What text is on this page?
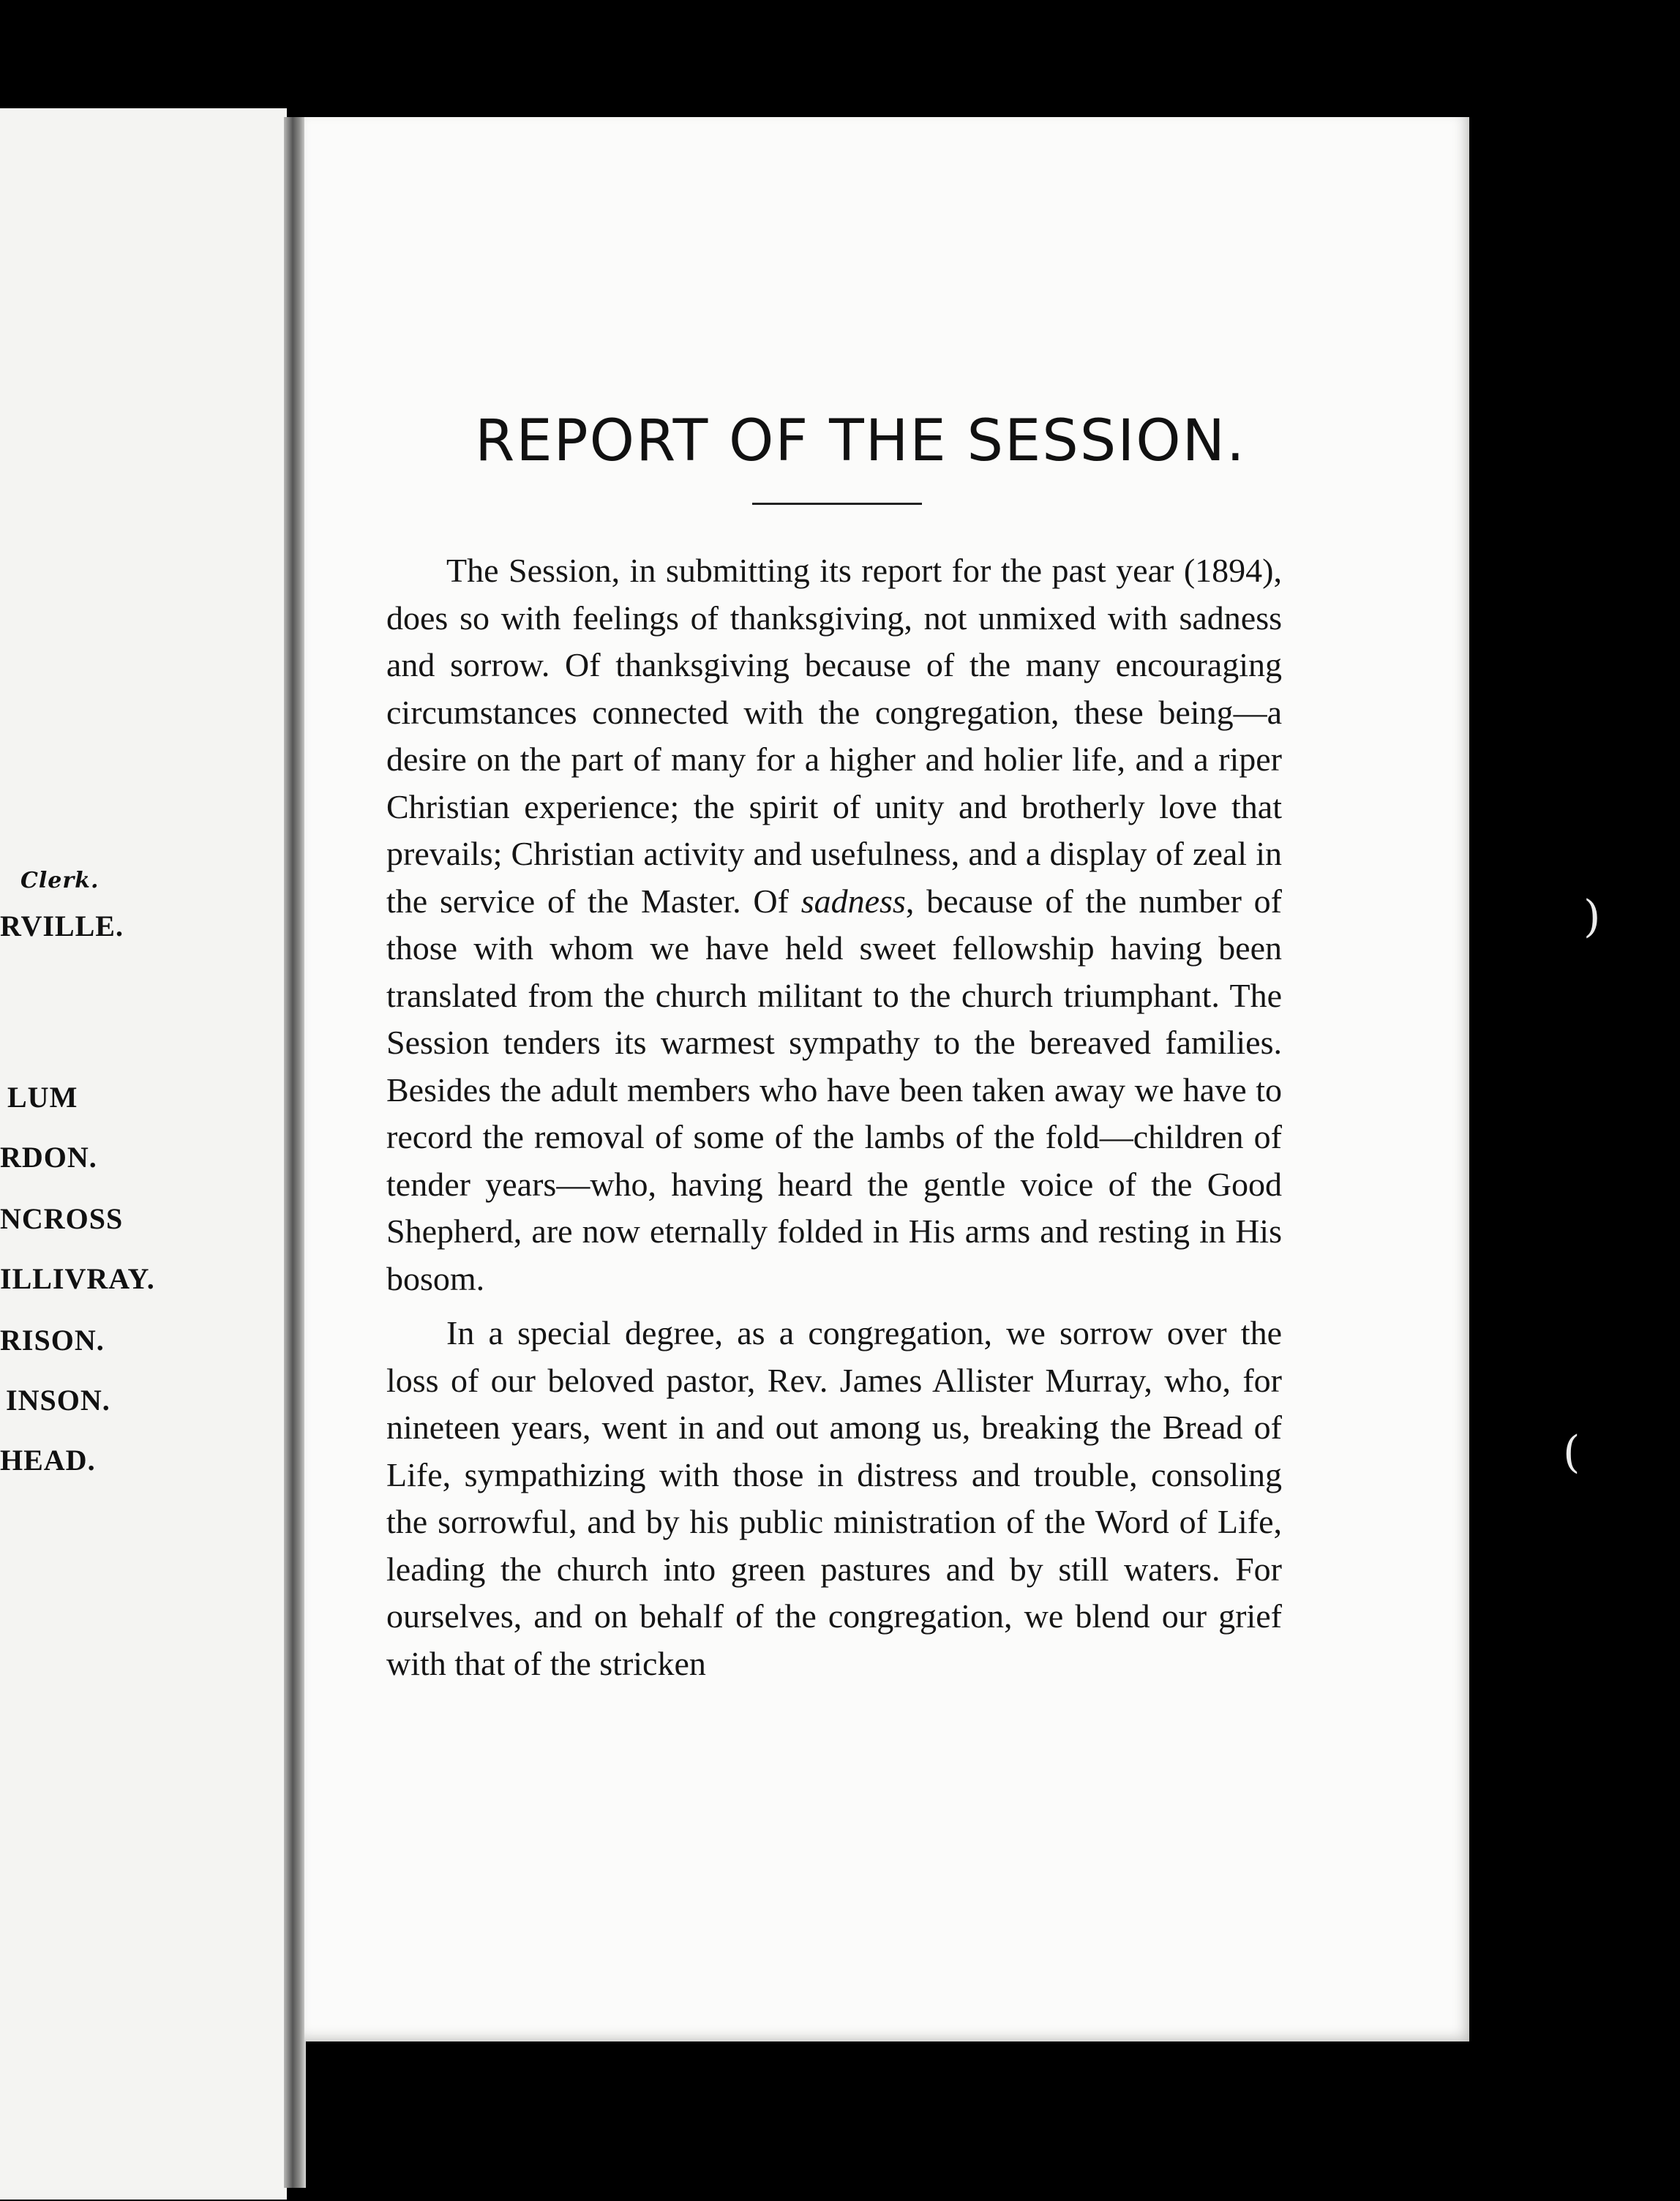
Clerk.

RVILLE.

LUM

RDON.

NCROSS

ILLIVRAY.

RISON.

INSON.

HEAD.

REPORT OF THE SESSION.

The Session, in submitting its report for the past year (1894), does so with feelings of thanksgiving, not unmixed with sadness and sorrow. Of thanksgiving because of the many encouraging circumstances connected with the congregation, these being—a desire on the part of many for a higher and holier life, and a riper Christian experience; the spirit of unity and brotherly love that prevails; Christian activity and usefulness, and a display of zeal in the service of the Master. Of sadness, because of the number of those with whom we have held sweet fellowship having been translated from the church militant to the church triumphant. The Session tenders its warmest sympathy to the bereaved families. Besides the adult members who have been taken away we have to record the removal of some of the lambs of the fold—children of tender years—who, having heard the gentle voice of the Good Shepherd, are now eternally folded in His arms and resting in His bosom.

In a special degree, as a congregation, we sorrow over the loss of our beloved pastor, Rev. James Allister Murray, who, for nineteen years, went in and out among us, breaking the Bread of Life, sympathizing with those in distress and trouble, consoling the sorrowful, and by his public ministration of the Word of Life, leading the church into green pastures and by still waters. For ourselves, and on behalf of the congregation, we blend our grief with that of the stricken

)
(
